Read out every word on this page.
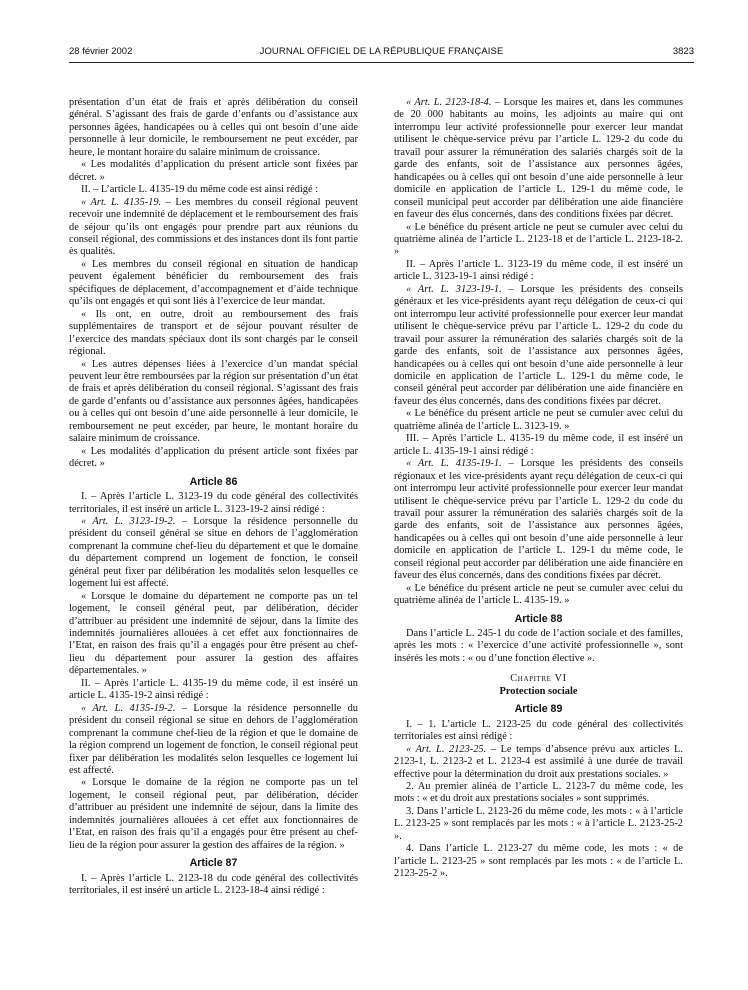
28 février 2002	JOURNAL OFFICIEL DE LA RÉPUBLIQUE FRANÇAISE	3823

présentation d’un état de frais et après délibération du conseil général. S’agissant des frais de garde d’enfants ou d’assistance aux personnes âgées, handicapées ou à celles qui ont besoin d’une aide personnelle à leur domicile, le remboursement ne peut excéder, par heure, le montant horaire du salaire minimum de croissance.

« Les modalités d’application du présent article sont fixées par décret. »

II. – L’article L. 4135-19 du même code est ainsi rédigé :

« Art. L. 4135-19. – Les membres du conseil régional peuvent recevoir une indemnité de déplacement et le remboursement des frais de séjour qu’ils ont engagés pour prendre part aux réunions du conseil régional, des commissions et des instances dont ils font partie ès qualités.

« Les membres du conseil régional en situation de handicap peuvent également bénéficier du remboursement des frais spécifiques de déplacement, d’accompagnement et d’aide technique qu’ils ont engagés et qui sont liés à l’exercice de leur mandat.

« Ils ont, en outre, droit au remboursement des frais supplémentaires de transport et de séjour pouvant résulter de l’exercice des mandats spéciaux dont ils sont chargés par le conseil régional.

« Les autres dépenses liées à l’exercice d’un mandat spécial peuvent leur être remboursées par la région sur présentation d’un état de frais et après délibération du conseil régional. S’agissant des frais de garde d’enfants ou d’assistance aux personnes âgées, handicapées ou à celles qui ont besoin d’une aide personnelle à leur domicile, le remboursement ne peut excéder, par heure, le montant horaire du salaire minimum de croissance.

« Les modalités d’application du présent article sont fixées par décret. »

Article 86

I. – Après l’article L. 3123-19 du code général des collectivités territoriales, il est inséré un article L. 3123-19-2 ainsi rédigé :

« Art. L. 3123-19-2. – Lorsque la résidence personnelle du président du conseil général se situe en dehors de l’agglomération comprenant la commune chef-lieu du département et que le domaine du département comprend un logement de fonction, le conseil général peut fixer par délibération les modalités selon lesquelles ce logement lui est affecté.

« Lorsque le domaine du département ne comporte pas un tel logement, le conseil général peut, par délibération, décider d’attribuer au président une indemnité de séjour, dans la limite des indemnités journalières allouées à cet effet aux fonctionnaires de l’Etat, en raison des frais qu’il a engagés pour être présent au chef-lieu du département pour assurer la gestion des affaires départementales. »

II. – Après l’article L. 4135-19 du même code, il est inséré un article L. 4135-19-2 ainsi rédigé :

« Art. L. 4135-19-2. – Lorsque la résidence personnelle du président du conseil régional se situe en dehors de l’agglomération comprenant la commune chef-lieu de la région et que le domaine de la région comprend un logement de fonction, le conseil régional peut fixer par délibération les modalités selon lesquelles ce logement lui est affecté.

« Lorsque le domaine de la région ne comporte pas un tel logement, le conseil régional peut, par délibération, décider d’attribuer au président une indemnité de séjour, dans la limite des indemnités journalières allouées à cet effet aux fonctionnaires de l’Etat, en raison des frais qu’il a engagés pour être présent au chef-lieu de la région pour assurer la gestion des affaires de la région. »

Article 87

I. – Après l’article L. 2123-18 du code général des collectivités territoriales, il est inséré un article L. 2123-18-4 ainsi rédigé :

« Art. L. 2123-18-4. – Lorsque les maires et, dans les communes de 20 000 habitants au moins, les adjoints au maire qui ont interrompu leur activité professionnelle pour exercer leur mandat utilisent le chèque-service prévu par l’article L. 129-2 du code du travail pour assurer la rémunération des salariés chargés soit de la garde des enfants, soit de l’assistance aux personnes âgées, handicapées ou à celles qui ont besoin d’une aide personnelle à leur domicile en application de l’article L. 129-1 du même code, le conseil municipal peut accorder par délibération une aide financière en faveur des élus concernés, dans des conditions fixées par décret.

« Le bénéfice du présent article ne peut se cumuler avec celui du quatrième alinéa de l’article L. 2123-18 et de l’article L. 2123-18-2. »

II. – Après l’article L. 3123-19 du même code, il est inséré un article L. 3123-19-1 ainsi rédigé :

« Art. L. 3123-19-1. – Lorsque les présidents des conseils généraux et les vice-présidents ayant reçu délégation de ceux-ci qui ont interrompu leur activité professionnelle pour exercer leur mandat utilisent le chèque-service prévu par l’article L. 129-2 du code du travail pour assurer la rémunération des salariés chargés soit de la garde des enfants, soit de l’assistance aux personnes âgées, handicapées ou à celles qui ont besoin d’une aide personnelle à leur domicile en application de l’article L. 129-1 du même code, le conseil général peut accorder par délibération une aide financière en faveur des élus concernés, dans des conditions fixées par décret.

« Le bénéfice du présent article ne peut se cumuler avec celui du quatrième alinéa de l’article L. 3123-19. »

III. – Après l’article L. 4135-19 du même code, il est inséré un article L. 4135-19-1 ainsi rédigé :

« Art. L. 4135-19-1. – Lorsque les présidents des conseils régionaux et les vice-présidents ayant reçu délégation de ceux-ci qui ont interrompu leur activité professionnelle pour exercer leur mandat utilisent le chèque-service prévu par l’article L. 129-2 du code du travail pour assurer la rémunération des salariés chargés soit de la garde des enfants, soit de l’assistance aux personnes âgées, handicapées ou à celles qui ont besoin d’une aide personnelle à leur domicile en application de l’article L. 129-1 du même code, le conseil régional peut accorder par délibération une aide financière en faveur des élus concernés, dans des conditions fixées par décret.

« Le bénéfice du présent article ne peut se cumuler avec celui du quatrième alinéa de l’article L. 4135-19. »

Article 88

Dans l’article L. 245-1 du code de l’action sociale et des familles, après les mots : « l’exercice d’une activité professionnelle », sont insérés les mots : « ou d’une fonction élective ».

Chapitre VI

Protection sociale

Article 89

I. – 1. L’article L. 2123-25 du code général des collectivités territoriales est ainsi rédigé :

« Art. L. 2123-25. – Le temps d’absence prévu aux articles L. 2123-1, L. 2123-2 et L. 2123-4 est assimilé à une durée de travail effective pour la détermination du droit aux prestations sociales. »

2. Au premier alinéa de l’article L. 2123-7 du même code, les mots : « et du droit aux prestations sociales » sont supprimés.

3. Dans l’article L. 2123-26 du même code, les mots : « à l’article L. 2123-25 » sont remplacés par les mots : « à l’article L. 2123-25-2 ».

4. Dans l’article L. 2123-27 du même code, les mots : « de l’article L. 2123-25 » sont remplacés par les mots : « de l’article L. 2123-25-2 ».
